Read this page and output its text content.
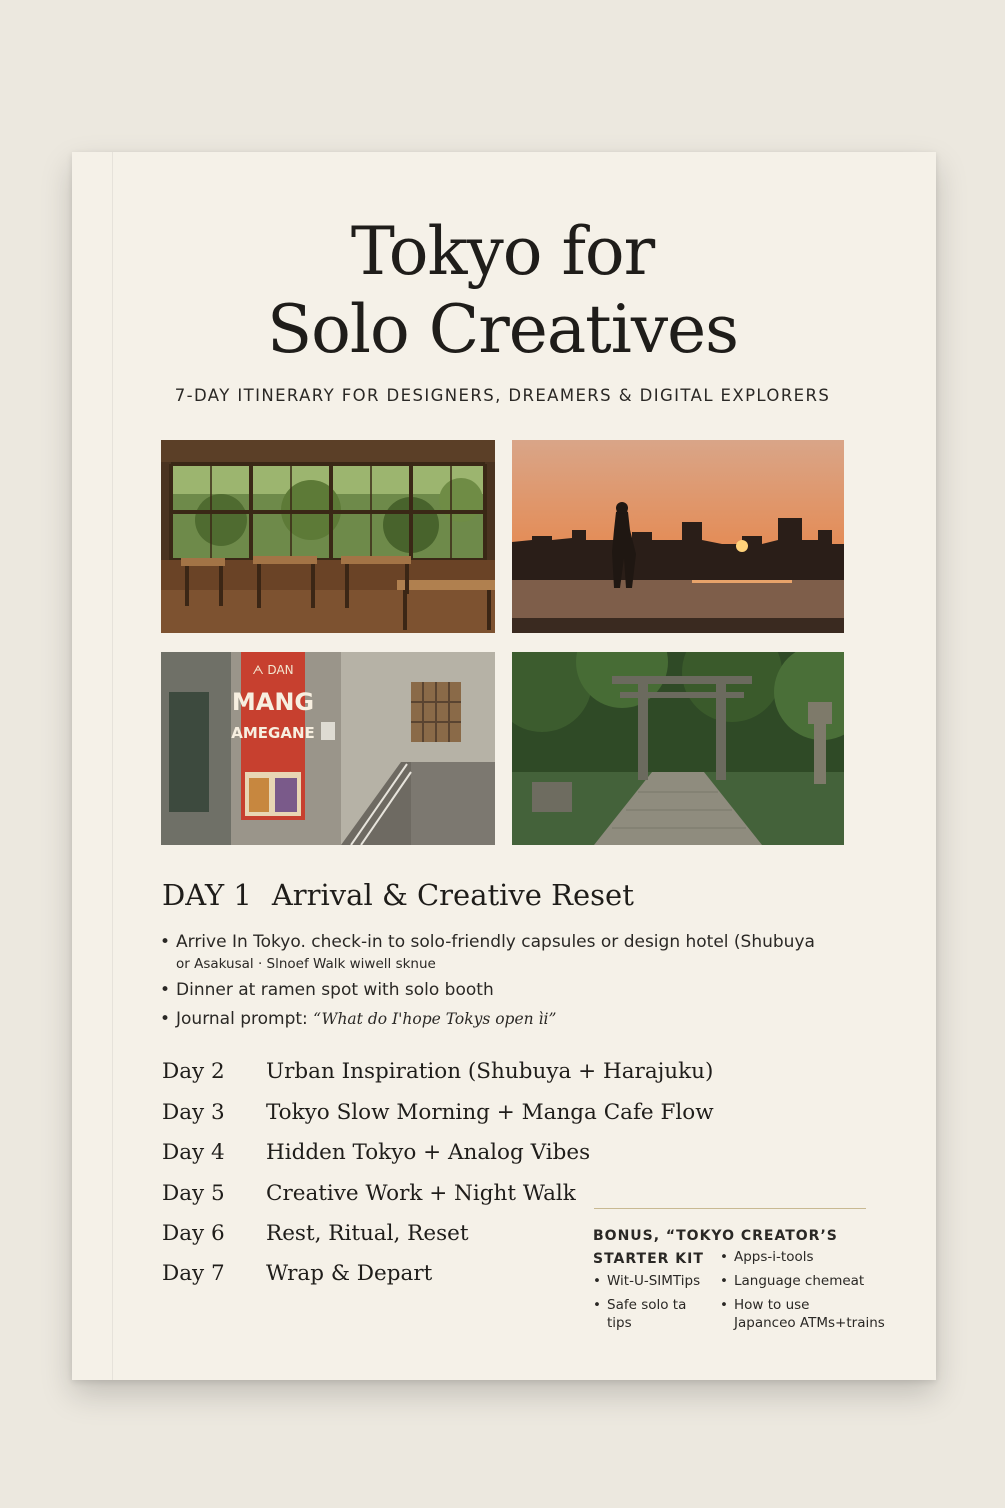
Tokyo for
Solo Creatives
7-DAY ITINERARY FOR DESIGNERS, DREAMERS & DIGITAL EXPLORERS
ᗅ DAN
MANG
AMEGANE
DAY 1 Arrival & Creative Reset
• Arrive In Tokyo. check-in to solo-friendly capsules or design hotel (Shubuya
or Asakusal · Slnoef Walk wiwell sknue
• Dinner at ramen spot with solo booth
• Journal prompt: “What do I'hope Tokys open ìi”
Day 2 Urban Inspiration (Shubuya + Harajuku)
Day 3 Tokyo Slow Morning + Manga Cafe Flow
Day 4 Hidden Tokyo + Analog Vibes
Day 5 Creative Work + Night Walk
Day 6 Rest, Ritual, Reset
Day 7 Wrap & Depart
BONUS, “TOKYO CREATOR’S
STARTER KIT
• Wit-U-SIMTips
• Safe solo t⁠a
tips
• Apps-i-tools
• Language chemeat
• How to use
Japanceo ATMs+trains
